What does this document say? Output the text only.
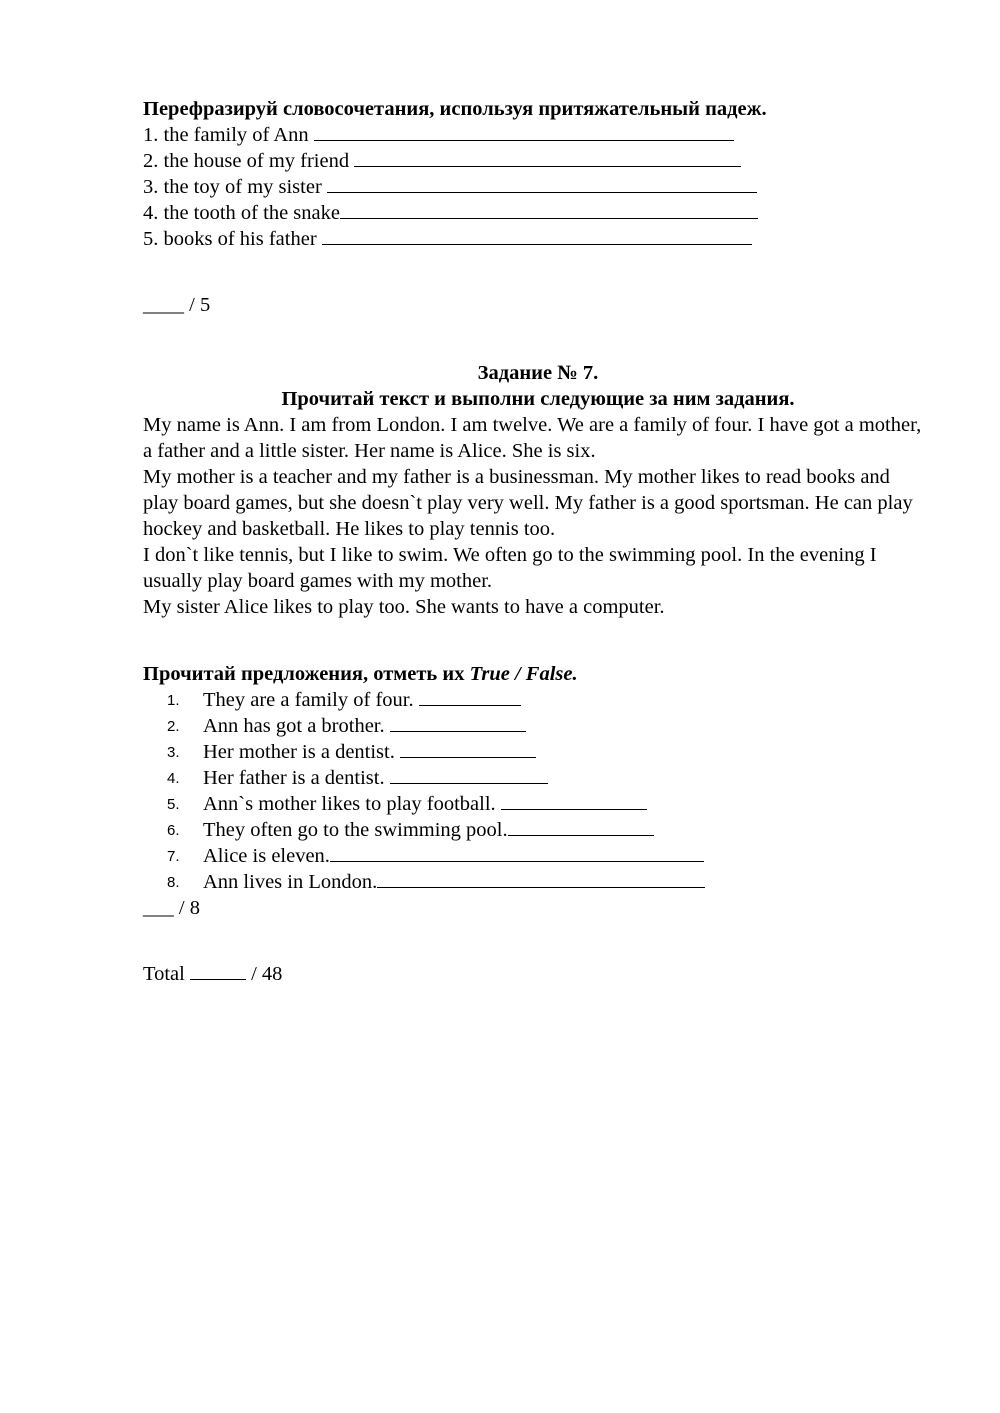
Перефразируй словосочетания, используя притяжательный падеж.
1. the family of Ann
2. the house of my friend
3. the toy of my sister
4. the tooth of the snake
5. books of his father
____ / 5
Задание № 7.
Прочитай текст и выполни следующие за ним задания.
My name is Ann. I am from London. I am twelve. We are a family of four. I have got a mother, a father and a little sister. Her name is Alice. She is six.
My mother is a teacher and my father is a businessman. My mother likes to read books and play board games, but she doesn`t play very well. My father is a good sportsman. He can play hockey and basketball. He likes to play tennis too.
I don`t like tennis, but I like to swim. We often go to the swimming pool. In the evening I usually play board games with my mother.
My sister Alice likes to play too. She wants to have a computer.
Прочитай предложения, отметь их True / False.
1.	They are a family of four.
2.	Ann has got a brother.
3.	Her mother is a dentist.
4.	Her father is a dentist.
5.	Ann`s mother likes to play football.
6.	They often go to the swimming pool.
7.	Alice is eleven.
8.	Ann lives in London.
___ / 8
Total	/ 48
